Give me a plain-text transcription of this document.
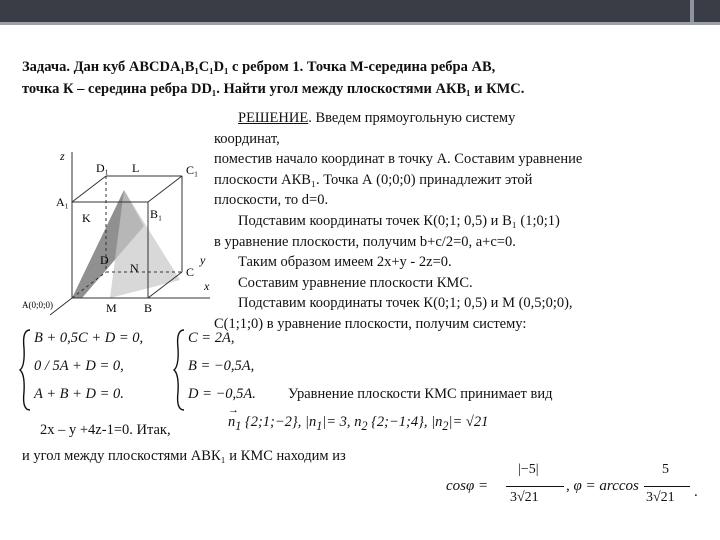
Задача. Дан куб ABCDA₁B₁C₁D₁ с ребром 1. Точка М-середина ребра АВ,
точка К – середина ребра DD₁. Найти угол между плоскостями АКВ₁ и КМС.
z
x
y
A₁
D₁ L
B₁
K
C₁
C
D
N
A(0;0;0)	M B

РЕШЕНИЕ. Введем прямоугольную систему

координат,

поместив начало координат в точку А. Составим уравнение

плоскости АКВ₁. Точка А (0;0;0) принадлежит этой

плоскости, то d=0.

Подставим координаты точек К(0;1; 0,5) и В₁ (1;0;1)

в уравнение плоскости, получим b+c/2=0, a+c=0.

Таким образом имеем 2x+y - 2z=0.

Составим уравнение плоскости КМС.

Подставим координаты точек К(0;1; 0,5) и М (0,5;0;0),

С(1;1;0) в уравнение плоскости, получим систему:

B + 0,5C + D = 0,
0 / 5A + D = 0,
A + B + D = 0.
C = 2A,
B = −0,5A,
D = −0,5A. Уравнение плоскости КМС принимает вид
2x – y +4z-1=0. Итак,	$n_1$
→
{2;1;−2}, $|n_1|= 3$, $n_2$ {2;−1;4}, $|n_2|= √21$
и угол между плоскостями АВК₁ и КМС находим из
cosφ =
|−5|
3√21
, φ = arccos
5
3√21 .
